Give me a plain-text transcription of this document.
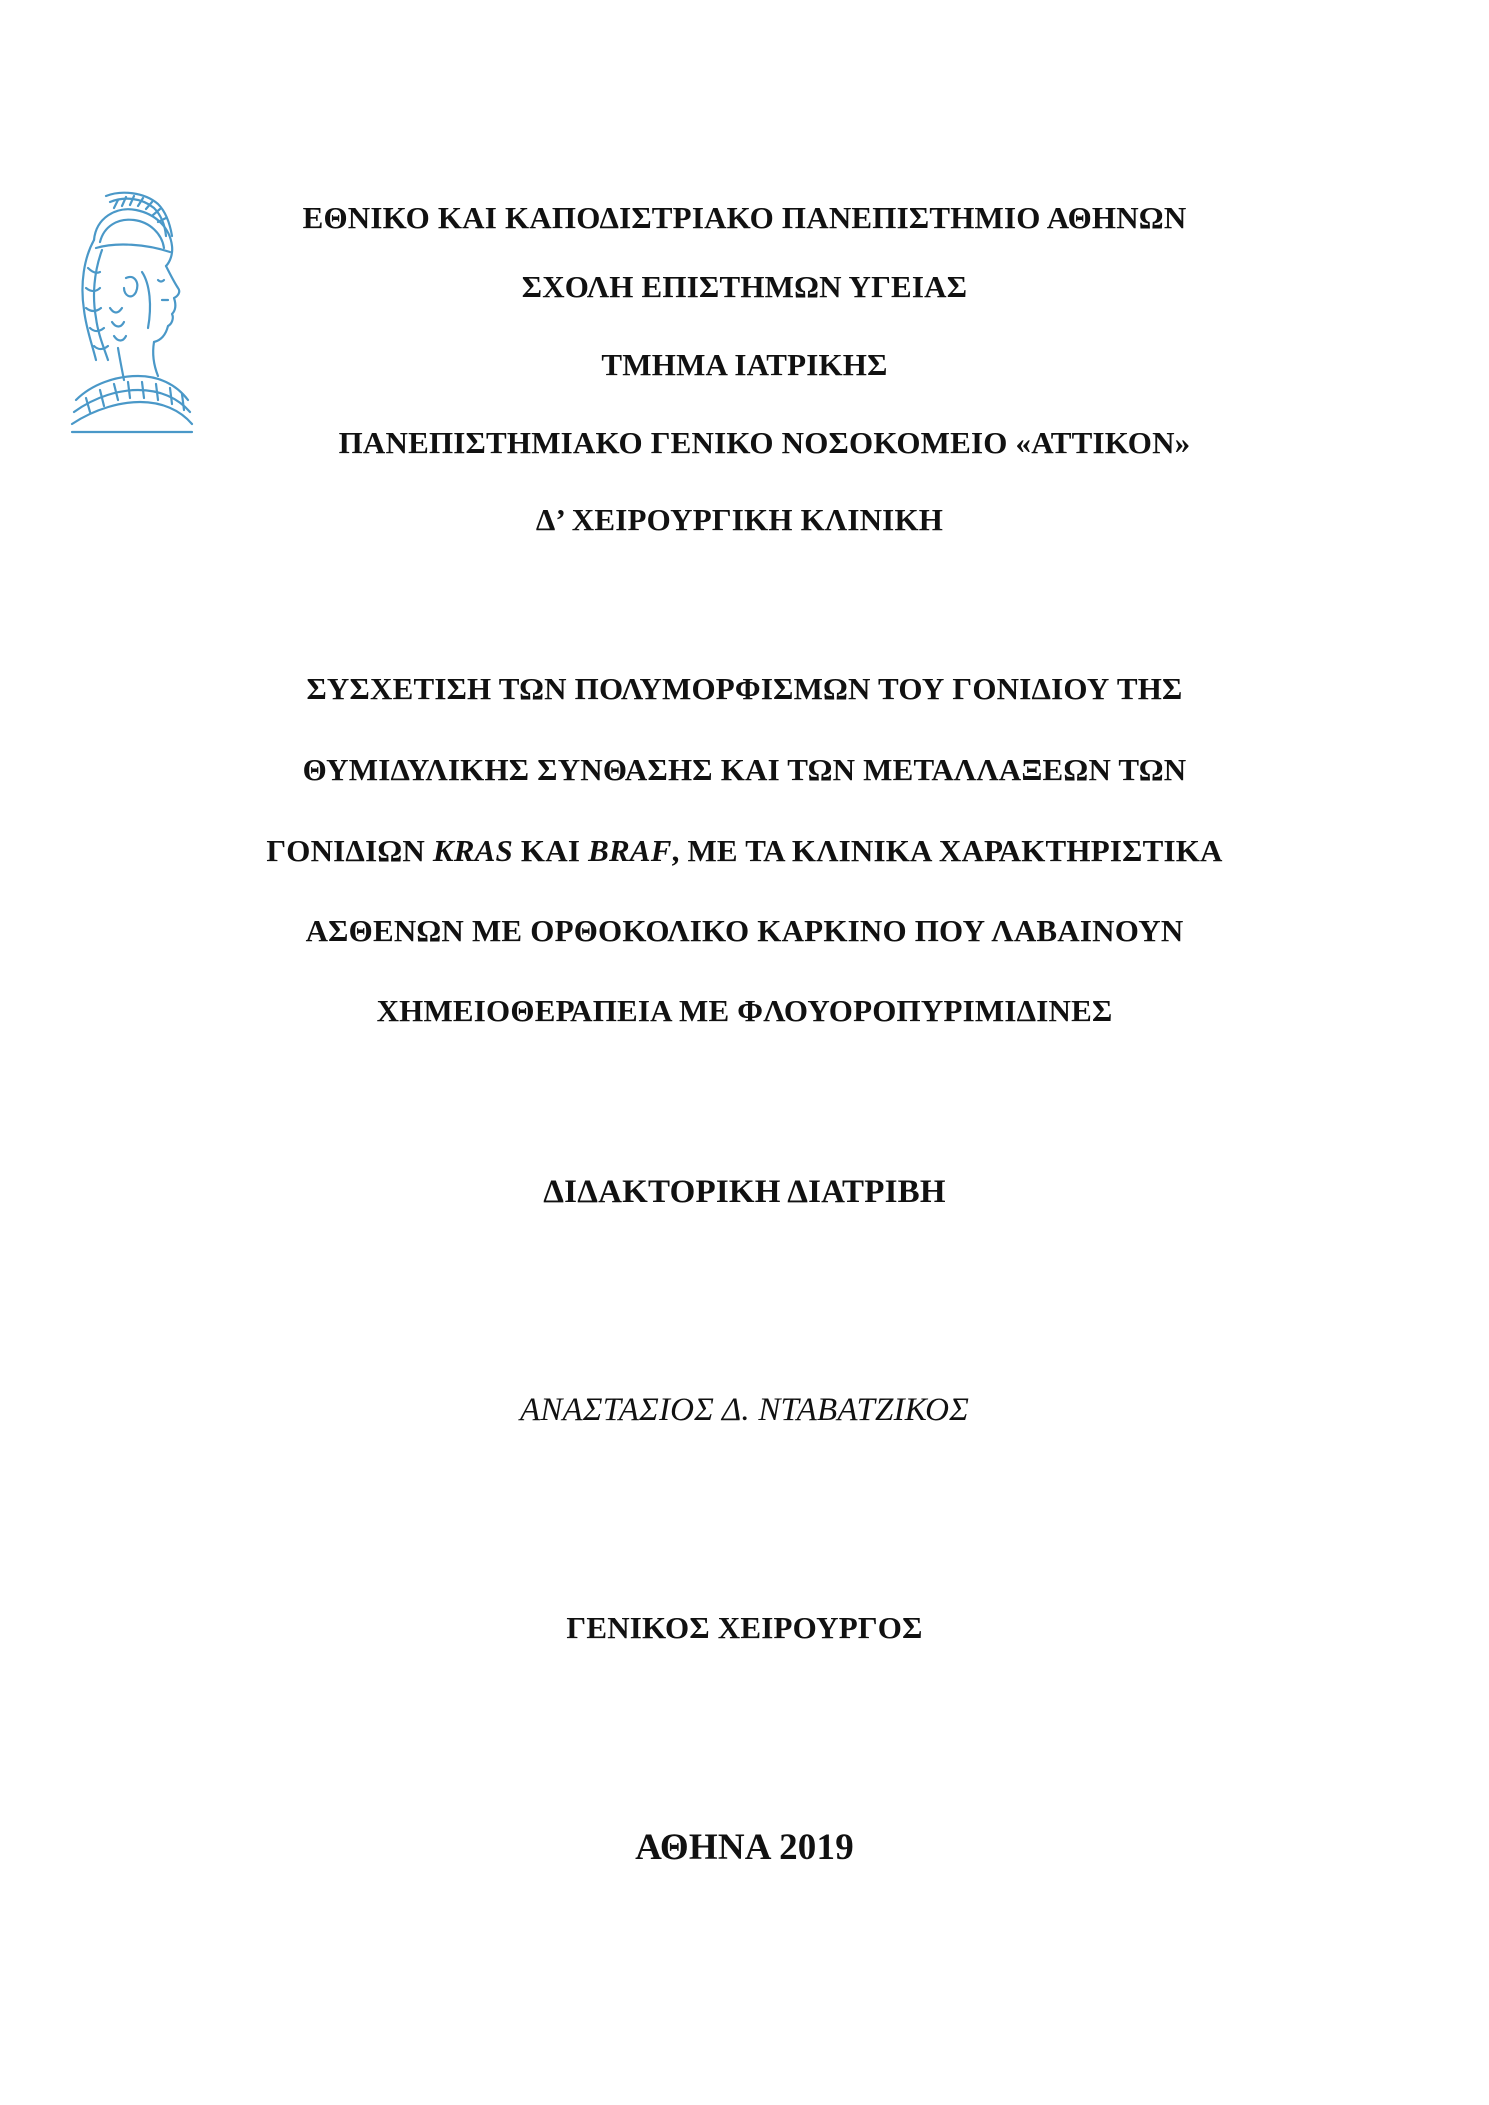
ΕΘΝΙΚΟ ΚΑΙ ΚΑΠΟΔΙΣΤΡΙΑΚΟ ΠΑΝΕΠΙΣΤΗΜΙΟ ΑΘΗΝΩΝ
ΣΧΟΛΗ ΕΠΙΣΤΗΜΩΝ ΥΓΕΙΑΣ
ΤΜΗΜΑ ΙΑΤΡΙΚΗΣ
ΠΑΝΕΠΙΣΤΗΜΙΑΚΟ ΓΕΝΙΚΟ ΝΟΣΟΚΟΜΕΙΟ «ΑΤΤΙΚΟΝ»
Δ’ ΧΕΙΡΟΥΡΓΙΚΗ ΚΛΙΝΙΚΗ
ΣΥΣΧΕΤΙΣΗ ΤΩΝ ΠΟΛΥΜΟΡΦΙΣΜΩΝ ΤΟΥ ΓΟΝΙΔΙΟΥ ΤΗΣ
ΘΥΜΙΔΥΛΙΚΗΣ ΣΥΝΘΑΣΗΣ ΚΑΙ ΤΩΝ ΜΕΤΑΛΛΑΞΕΩΝ ΤΩΝ
ΓΟΝΙΔΙΩΝ KRAS ΚΑΙ BRAF, ΜΕ ΤΑ ΚΛΙΝΙΚΑ ΧΑΡΑΚΤΗΡΙΣΤΙΚΑ
ΑΣΘΕΝΩΝ ΜΕ ΟΡΘΟΚΟΛΙΚΟ ΚΑΡΚΙΝΟ ΠΟΥ ΛΑΒΑΙΝΟΥΝ
ΧΗΜΕΙΟΘΕΡΑΠΕΙΑ ΜΕ ΦΛΟΥΟΡΟΠΥΡΙΜΙΔΙΝΕΣ
ΔΙΔΑΚΤΟΡΙΚΗ ΔΙΑΤΡΙΒΗ
ΑΝΑΣΤΑΣΙΟΣ Δ. ΝΤΑΒΑΤΖΙΚΟΣ
ΓΕΝΙΚΟΣ ΧΕΙΡΟΥΡΓΟΣ
ΑΘΗΝΑ 2019
